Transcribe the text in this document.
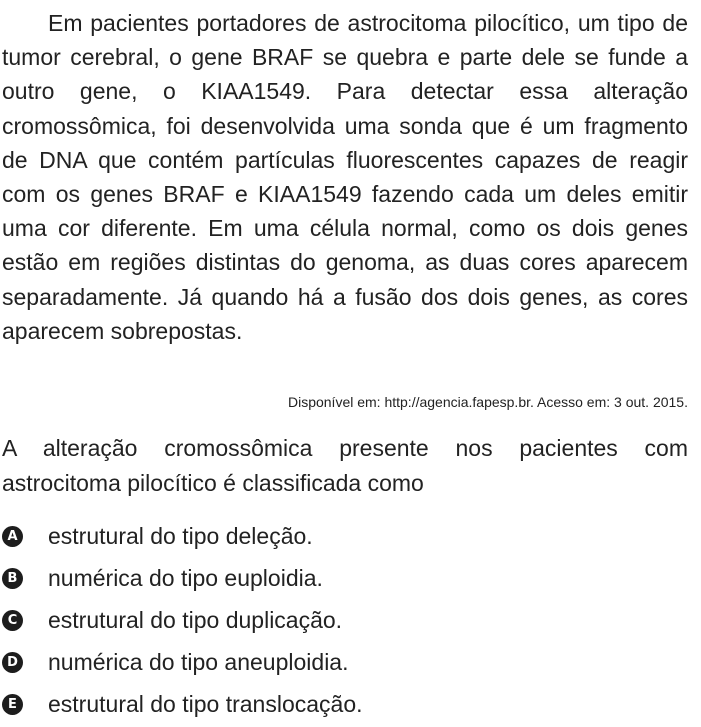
Em pacientes portadores de astrocitoma pilocítico, um tipo de tumor cerebral, o gene BRAF se quebra e parte dele se funde a outro gene, o KIAA1549. Para detectar essa alteração cromossômica, foi desenvolvida uma sonda que é um fragmento de DNA que contém partículas fluorescentes capazes de reagir com os genes BRAF e KIAA1549 fazendo cada um deles emitir uma cor diferente. Em uma célula normal, como os dois genes estão em regiões distintas do genoma, as duas cores aparecem separadamente. Já quando há a fusão dos dois genes, as cores aparecem sobrepostas.

Disponível em: http://agencia.fapesp.br. Acesso em: 3 out. 2015.

A alteração cromossômica presente nos pacientes com astrocitoma pilocítico é classificada como

A estrutural do tipo deleção.
B numérica do tipo euploidia.
C estrutural do tipo duplicação.
D numérica do tipo aneuploidia.
E estrutural do tipo translocação.
